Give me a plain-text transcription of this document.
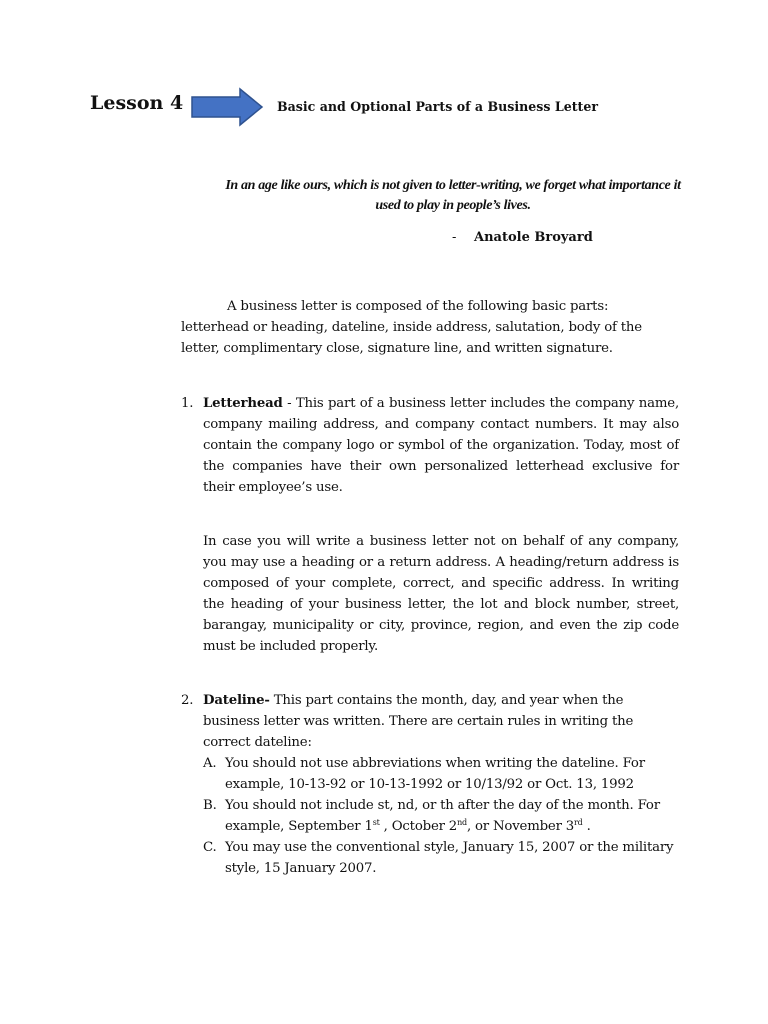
Lesson 4	Basic and Optional Parts of a Business Letter
In an age like ours, which is not given to letter-writing, we forget what importance it used to play in people’s lives.
- Anatole Broyard
A business letter is composed of the following basic parts: letterhead or heading, dateline, inside address, salutation, body of the letter, complimentary close, signature line, and written signature.
1. Letterhead - This part of a business letter includes the company name, company mailing address, and company contact numbers. It may also contain the company logo or symbol of the organization. Today, most of the companies have their own personalized letterhead exclusive for their employee’s use.
In case you will write a business letter not on behalf of any company, you may use a heading or a return address. A heading/return address is composed of your complete, correct, and specific address. In writing the heading of your business letter, the lot and block number, street, barangay, municipality or city, province, region, and even the zip code must be included properly.
2. Dateline- This part contains the month, day, and year when the business letter was written. There are certain rules in writing the correct dateline:
A. You should not use abbreviations when writing the dateline. For example, 10-13-92 or 10-13-1992 or 10/13/92 or Oct. 13, 1992
B. You should not include st, nd, or th after the day of the month. For example, September 1st , October 2nd, or November 3rd .
C. You may use the conventional style, January 15, 2007 or the military style, 15 January 2007.
